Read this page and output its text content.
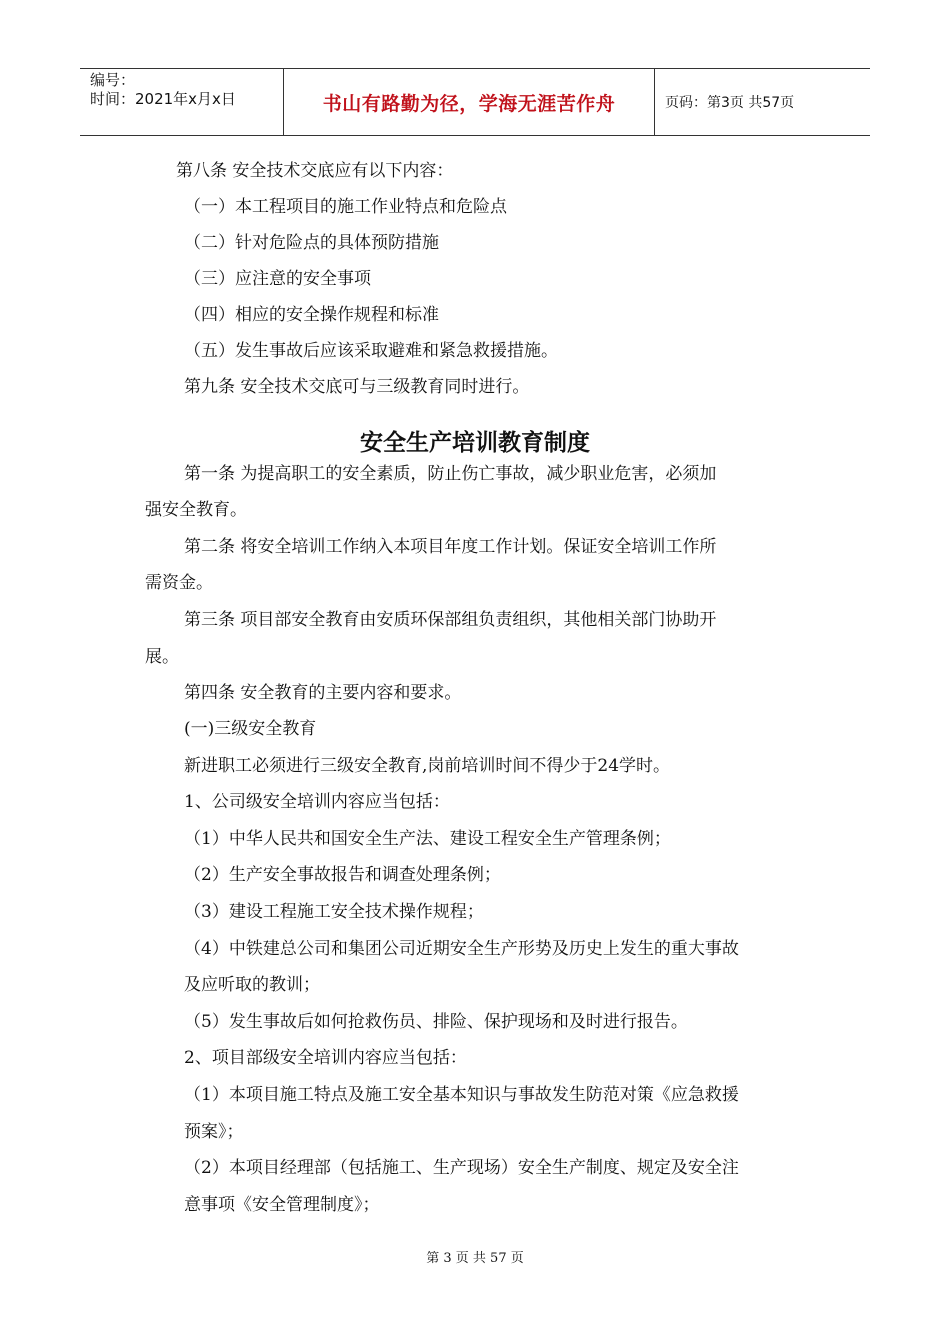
编号：
时间：2021年x月x日	书山有路勤为径，学海无涯苦作舟	页码：第3页 共57页
第八条 安全技术交底应有以下内容：
（一）本工程项目的施工作业特点和危险点
（二）针对危险点的具体预防措施
（三）应注意的安全事项
（四）相应的安全操作规程和标准
（五）发生事故后应该采取避难和紧急救援措施。
第九条 安全技术交底可与三级教育同时进行。
安全生产培训教育制度
第一条 为提高职工的安全素质，防止伤亡事故，减少职业危害，必须加
强安全教育。
第二条 将安全培训工作纳入本项目年度工作计划。保证安全培训工作所
需资金。
第三条 项目部安全教育由安质环保部组负责组织，其他相关部门协助开
展。
第四条 安全教育的主要内容和要求。
(一)三级安全教育
新进职工必须进行三级安全教育,岗前培训时间不得少于24学时。
1、公司级安全培训内容应当包括：
（1）中华人民共和国安全生产法、建设工程安全生产管理条例；
（2）生产安全事故报告和调查处理条例；
（3）建设工程施工安全技术操作规程；
（4）中铁建总公司和集团公司近期安全生产形势及历史上发生的重大事故
及应听取的教训；
（5）发生事故后如何抢救伤员、排险、保护现场和及时进行报告。
2、项目部级安全培训内容应当包括：
（1）本项目施工特点及施工安全基本知识与事故发生防范对策《应急救援
预案》；
（2）本项目经理部（包括施工、生产现场）安全生产制度、规定及安全注
意事项《安全管理制度》；
第 3 页 共 57 页
